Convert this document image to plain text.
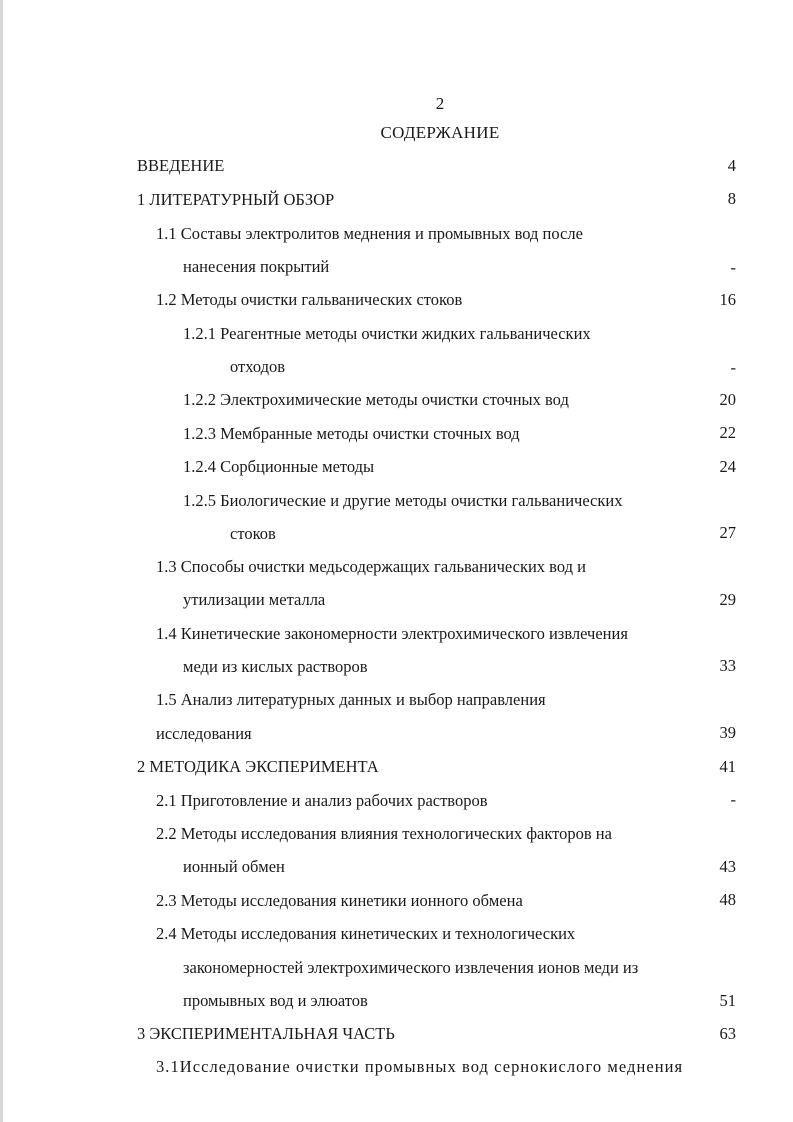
2
СОДЕРЖАНИЕ
ВВЕДЕНИЕ	4
1 ЛИТЕРАТУРНЫЙ ОБЗОР	8
1.1 Составы электролитов меднения и промывных вод после
нанесения покрытий	-
1.2 Методы очистки гальванических стоков	16
1.2.1 Реагентные методы очистки жидких гальванических
отходов	-
1.2.2 Электрохимические методы очистки сточных вод	20
1.2.3 Мембранные методы очистки сточных вод	22
1.2.4 Сорбционные методы	24
1.2.5 Биологические и другие методы очистки гальванических
стоков	27
1.3 Способы очистки медьсодержащих гальванических вод и
утилизации металла	29
1.4 Кинетические закономерности электрохимического извлечения
меди из кислых растворов	33
1.5 Анализ литературных данных и выбор направления
исследования	39
2 МЕТОДИКА ЭКСПЕРИМЕНТА	41
2.1 Приготовление и анализ рабочих растворов	-
2.2 Методы исследования влияния технологических факторов на
ионный обмен	43
2.3 Методы исследования кинетики ионного обмена	48
2.4 Методы исследования кинетических и технологических
закономерностей электрохимического извлечения ионов меди из
промывных вод и элюатов	51
3 ЭКСПЕРИМЕНТАЛЬНАЯ ЧАСТЬ	63
3.1Исследование очистки промывных вод сернокислого меднения
